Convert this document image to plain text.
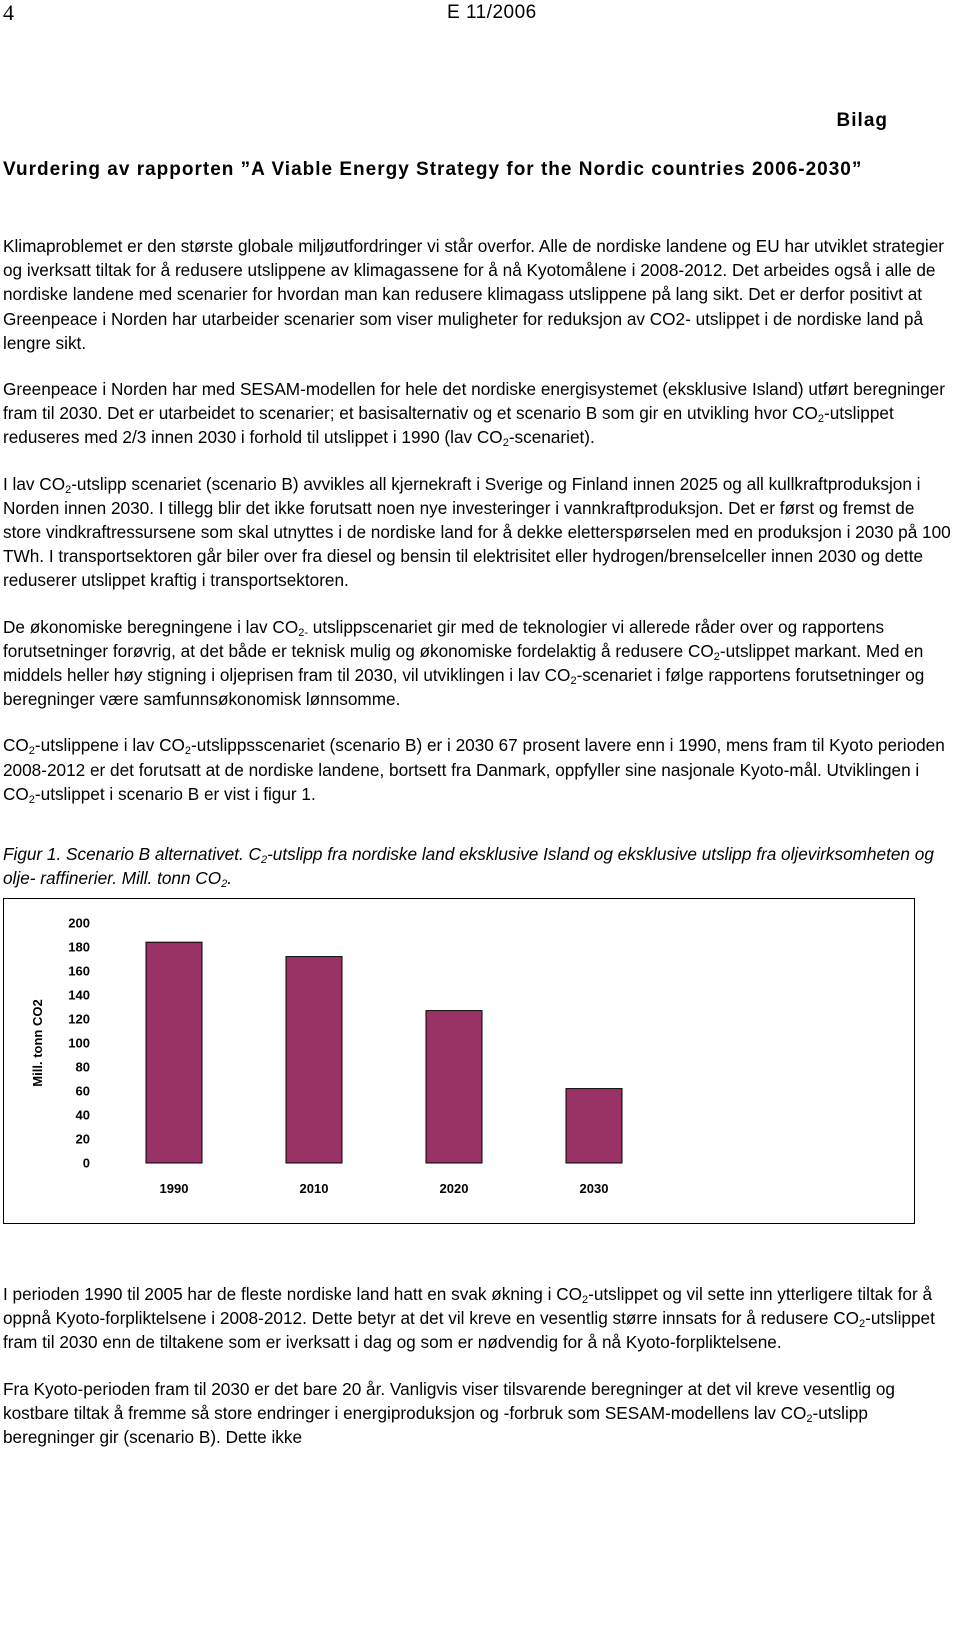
4	E 11/2006
Bilag
Vurdering av rapporten ”A Viable Energy Strategy for the Nordic countries 2006-2030”

Klimaproblemet er den største globale miljøutfordringer vi står overfor. Alle de nordiske landene og EU har utviklet strategier og iverksatt tiltak for å redusere utslippene av klimagassene for å nå Kyotomålene i 2008-2012. Det arbeides også i alle de nordiske landene med scenarier for hvordan man kan redusere klimagass utslippene på lang sikt. Det er derfor positivt at Greenpeace i Norden har utarbeider scenarier som viser muligheter for reduksjon av CO2- utslippet i de nordiske land på lengre sikt.

Greenpeace i Norden har med SESAM-modellen for hele det nordiske energisystemet (eksklusive Island) utført beregninger fram til 2030. Det er utarbeidet to scenarier; et basisalternativ og et scenario B som gir en utvikling hvor $CO_2$-utslippet reduseres med 2/3 innen 2030 i forhold til utslippet i 1990 (lav $CO_2-scenariet$).

I lav $CO_2$-utslipp scenariet (scenario B) avvikles all kjernekraft i Sverige og Finland innen 2025 og all kullkraftproduksjon i Norden innen 2030. I tillegg blir det ikke forutsatt noen nye investeringer i vannkraftproduksjon. Det er først og fremst de store vindkraftressursene som skal utnyttes i de nordiske land for å dekke eletterspørselen med en produksjon i 2030 på 100 TWh. I transportsektoren går biler over fra diesel og bensin til elektrisitet eller hydrogen/brenselceller innen 2030 og dette reduserer utslippet kraftig i transportsektoren.

De økonomiske beregningene i lav $CO_{2-}$ utslippscenariet gir med de teknologier vi allerede råder over og rapportens forutsetninger forøvrig, at det både er teknisk mulig og økonomiske fordelaktig å redusere $CO_2$-utslippet markant. Med en middels heller høy stigning i oljeprisen fram til 2030, vil utviklingen i lav $CO_2$-scenariet i følge rapportens forutsetninger og beregninger være samfunnsøkonomisk lønnsomme.

$CO_2$-utslippene i lav $CO_2$-utslippsscenariet (scenario B) er i 2030 67 prosent lavere enn i 1990, mens fram til Kyoto perioden 2008-2012 er det forutsatt at de nordiske landene, bortsett fra Danmark, oppfyller sine nasjonale Kyoto-mål. Utviklingen i $CO_2$-utslippet i scenario B er vist i figur 1.

Figur 1. Scenario B alternativet. $C_2$-utslipp fra nordiske land eksklusive Island og eksklusive utslipp fra oljevirksomheten og olje- raffinerier. Mill. tonn $CO_2$.

Mill. tonn CO2
0
20
40
60
80
100
120
140
160
180
200
1990	2010	2020	2030

I perioden 1990 til 2005 har de fleste nordiske land hatt en svak økning i $CO_2$-utslippet og vil sette inn ytterligere tiltak for å oppnå Kyoto-forpliktelsene i 2008-2012. Dette betyr at det vil kreve en vesentlig større innsats for å redusere $CO_2$-utslippet fram til 2030 enn de tiltakene som er iverksatt i dag og som er nødvendig for å nå Kyoto-forpliktelsene.

Fra Kyoto-perioden fram til 2030 er det bare 20 år. Vanligvis viser tilsvarende beregninger at det vil kreve vesentlig og kostbare tiltak å fremme så store endringer i energiproduksjon og -forbruk som SESAM-modellens lav $CO_2$-utslipp beregninger gir (scenario B). Dette ikke
